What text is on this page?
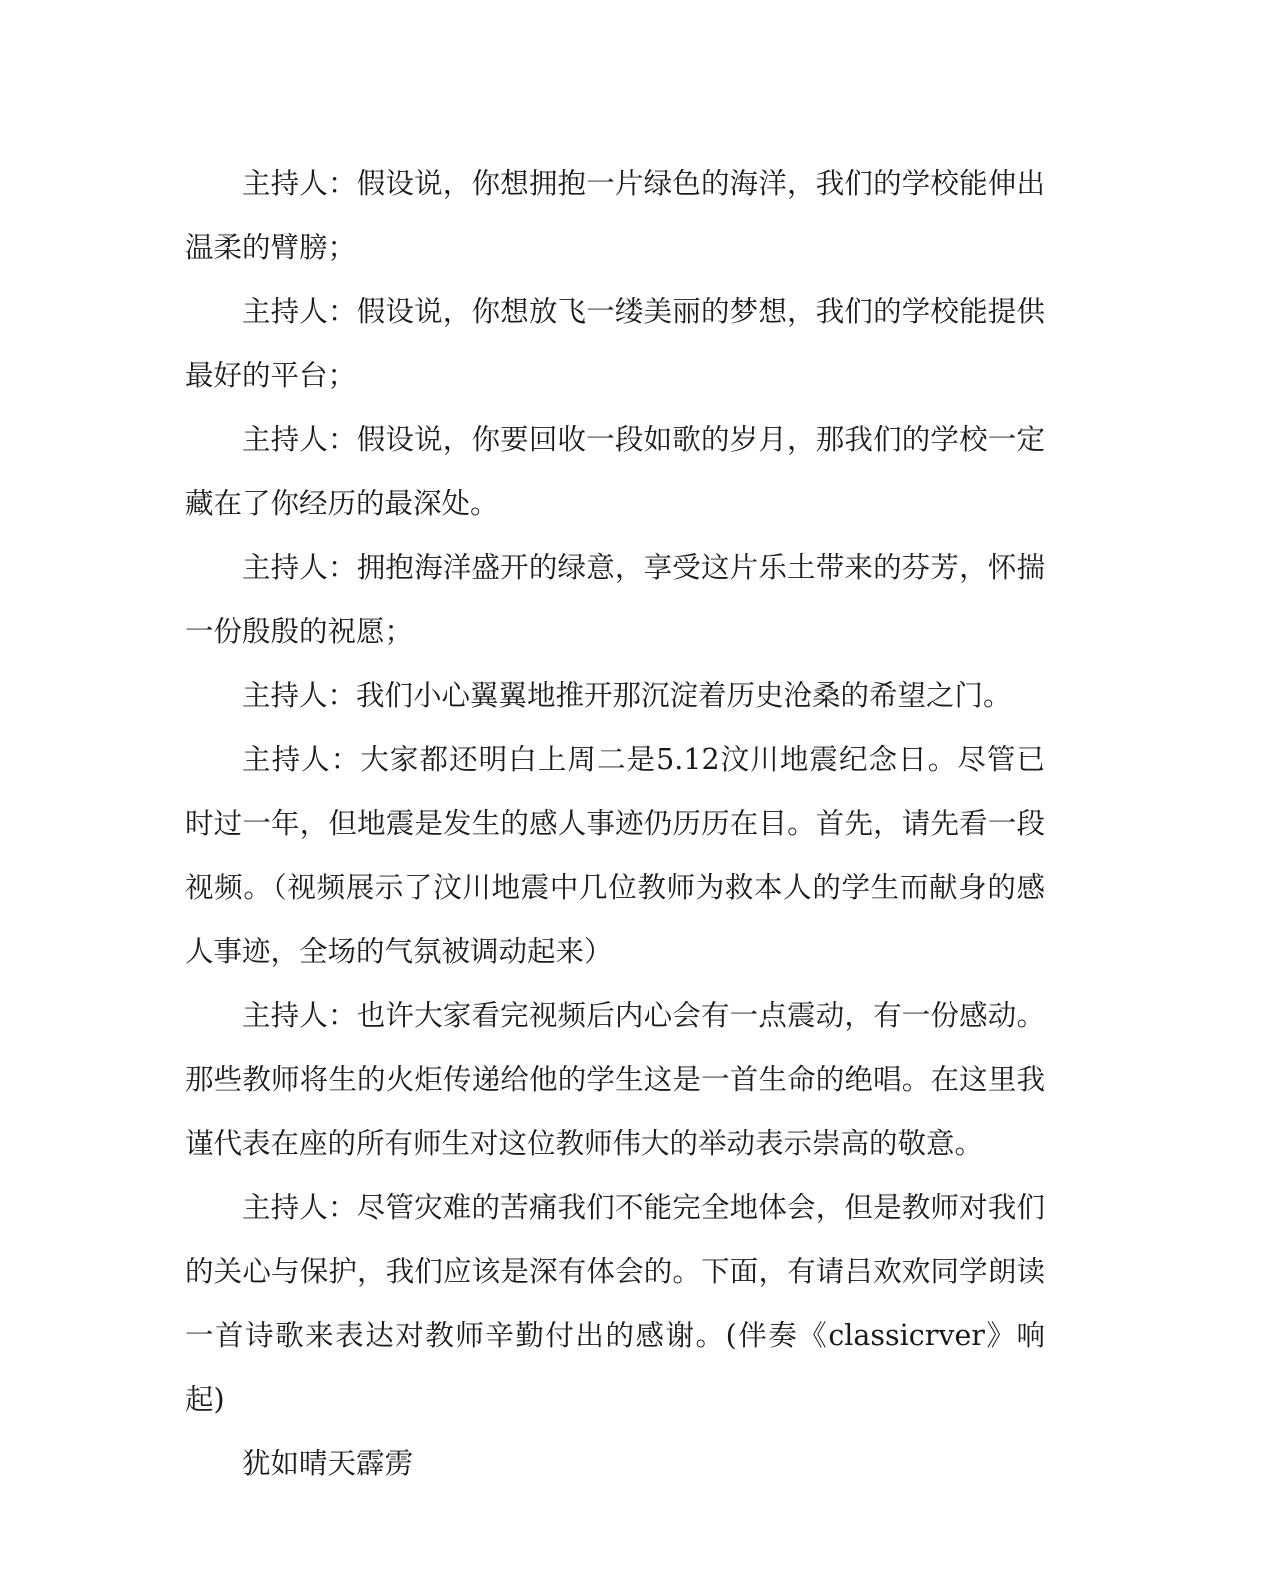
主持人：假设说，你想拥抱一片绿色的海洋，我们的学校能伸出温柔的臂膀；

主持人：假设说，你想放飞一缕美丽的梦想，我们的学校能提供最好的平台；

主持人：假设说，你要回收一段如歌的岁月，那我们的学校一定藏在了你经历的最深处。

主持人：拥抱海洋盛开的绿意，享受这片乐土带来的芬芳，怀揣一份殷殷的祝愿；

主持人：我们小心翼翼地推开那沉淀着历史沧桑的希望之门。

主持人：大家都还明白上周二是5.12汶川地震纪念日。尽管已时过一年，但地震是发生的感人事迹仍历历在目。首先，请先看一段视频。（视频展示了汶川地震中几位教师为救本人的学生而献身的感人事迹，全场的气氛被调动起来）

主持人：也许大家看完视频后内心会有一点震动，有一份感动。那些教师将生的火炬传递给他的学生这是一首生命的绝唱。在这里我谨代表在座的所有师生对这位教师伟大的举动表示崇高的敬意。

主持人：尽管灾难的苦痛我们不能完全地体会，但是教师对我们的关心与保护，我们应该是深有体会的。下面，有请吕欢欢同学朗读一首诗歌来表达对教师辛勤付出的感谢。(伴奏《classicrver》响起)

犹如晴天霹雳
